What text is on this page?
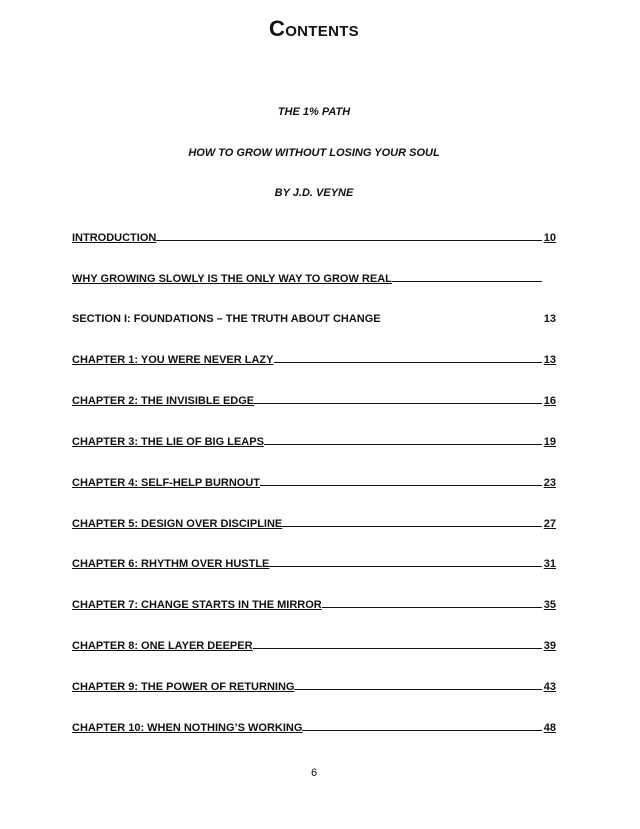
Contents
THE 1% PATH
HOW TO GROW WITHOUT LOSING YOUR SOUL
BY J.D. VEYNE
INTRODUCTION	10
WHY GROWING SLOWLY IS THE ONLY WAY TO GROW REAL
SECTION I: FOUNDATIONS – THE TRUTH ABOUT CHANGE	13
CHAPTER 1: YOU WERE NEVER LAZY	13
CHAPTER 2: THE INVISIBLE EDGE	16
CHAPTER 3: THE LIE OF BIG LEAPS	19
CHAPTER 4: SELF-HELP BURNOUT	23
CHAPTER 5: DESIGN OVER DISCIPLINE	27
CHAPTER 6: RHYTHM OVER HUSTLE	31
CHAPTER 7: CHANGE STARTS IN THE MIRROR	35
CHAPTER 8: ONE LAYER DEEPER	39
CHAPTER 9: THE POWER OF RETURNING	43
CHAPTER 10: WHEN NOTHING’S WORKING	48
6
